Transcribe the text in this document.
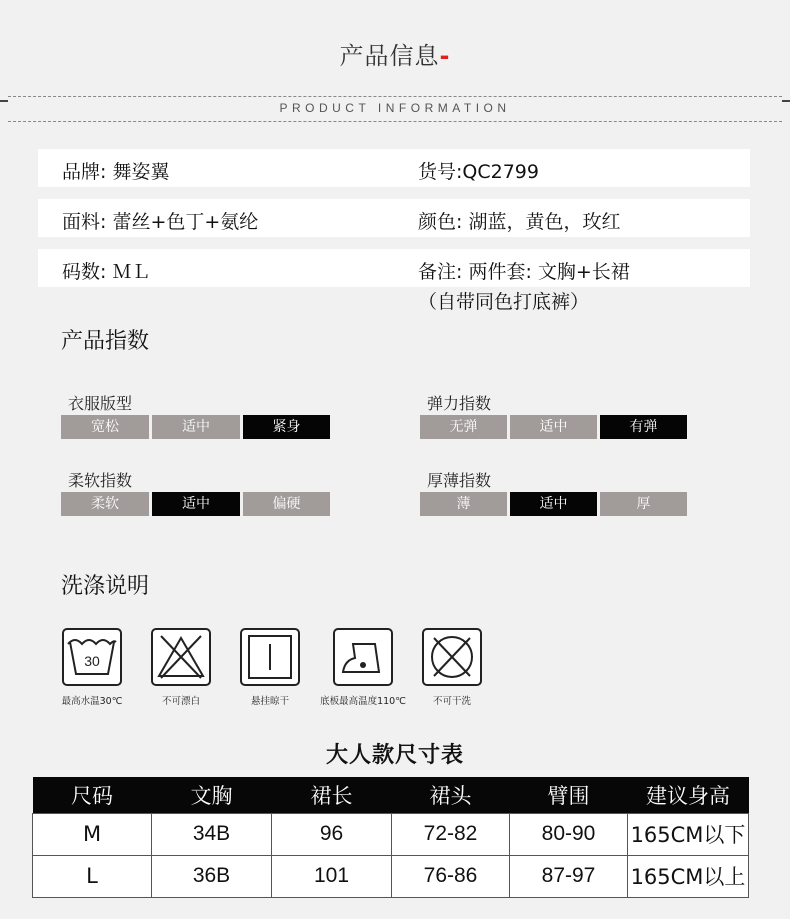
产品信息-
PRODUCT INFORMATION
品牌: 舞姿翼	货号:QC2799
面料: 蕾丝+色丁+氨纶	颜色: 湖蓝，黄色，玫红
码数: ＭＬ	备注: 两件套: 文胸+长裙
（自带同色打底裤）
产品指数
衣服版型
宽松	适中	紧身
弹力指数
无弹	适中	有弹
柔软指数
柔软	适中	偏硬
厚薄指数
薄	适中	厚
洗涤说明
30
最高水温30℃	不可漂白	悬挂晾干	底板最高温度110℃	不可干洗
大人款尺寸表
尺码	文胸	裙长	裙头	臂围	建议身高
M	34B	96	72-82	80-90	165CM以下
L	36B	101	76-86	87-97	165CM以上
